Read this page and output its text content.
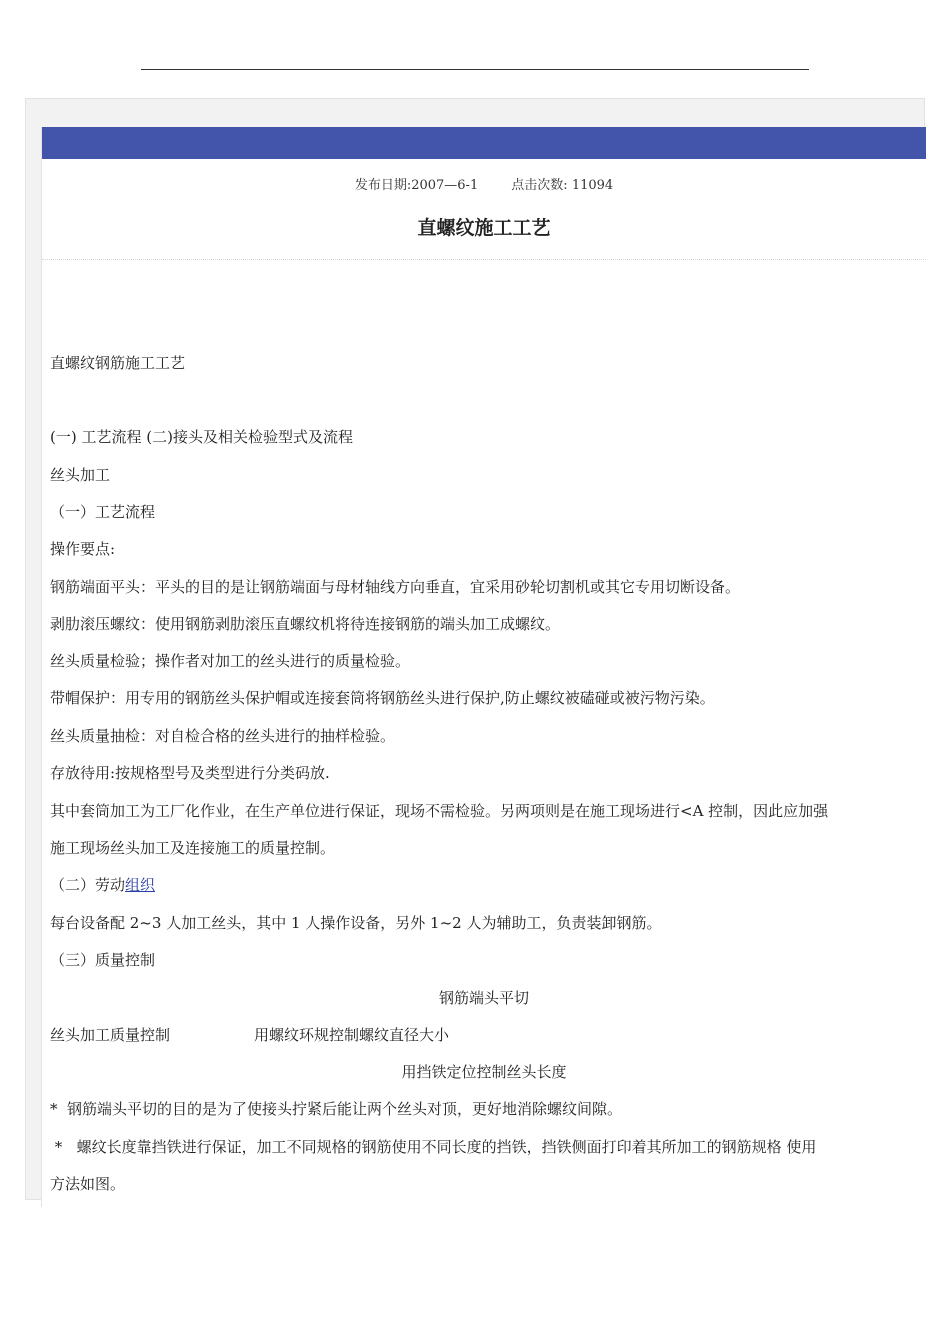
发布日期:2007—6-1	点击次数: 11094
直螺纹施工工艺
直螺纹钢筋施工工艺
(一) 工艺流程 (二)接头及相关检验型式及流程
丝头加工
（一）工艺流程
操作要点:
钢筋端面平头：平头的目的是让钢筋端面与母材轴线方向垂直，宜采用砂轮切割机或其它专用切断设备。
剥肋滚压螺纹：使用钢筋剥肋滚压直螺纹机将待连接钢筋的端头加工成螺纹。
丝头质量检验；操作者对加工的丝头进行的质量检验。
带帽保护：用专用的钢筋丝头保护帽或连接套筒将钢筋丝头进行保护,防止螺纹被磕碰或被污物污染。
丝头质量抽检：对自检合格的丝头进行的抽样检验。
存放待用:按规格型号及类型进行分类码放.
其中套筒加工为工厂化作业，在生产单位进行保证，现场不需检验。另两项则是在施工现场进行<A 控制，因此应加强
施工现场丝头加工及连接施工的质量控制。
（二）劳动组织
每台设备配 2~3 人加工丝头，其中 1 人操作设备，另外 1~2 人为辅助工，负责装卸钢筋。
（三）质量控制
钢筋端头平切
丝头加工质量控制	用螺纹环规控制螺纹直径大小
用挡铁定位控制丝头长度
*  钢筋端头平切的目的是为了使接头拧紧后能让两个丝头对顶，更好地消除螺纹间隙。
*   螺纹长度靠挡铁进行保证，加工不同规格的钢筋使用不同长度的挡铁，挡铁侧面打印着其所加工的钢筋规格 使用
方法如图。
